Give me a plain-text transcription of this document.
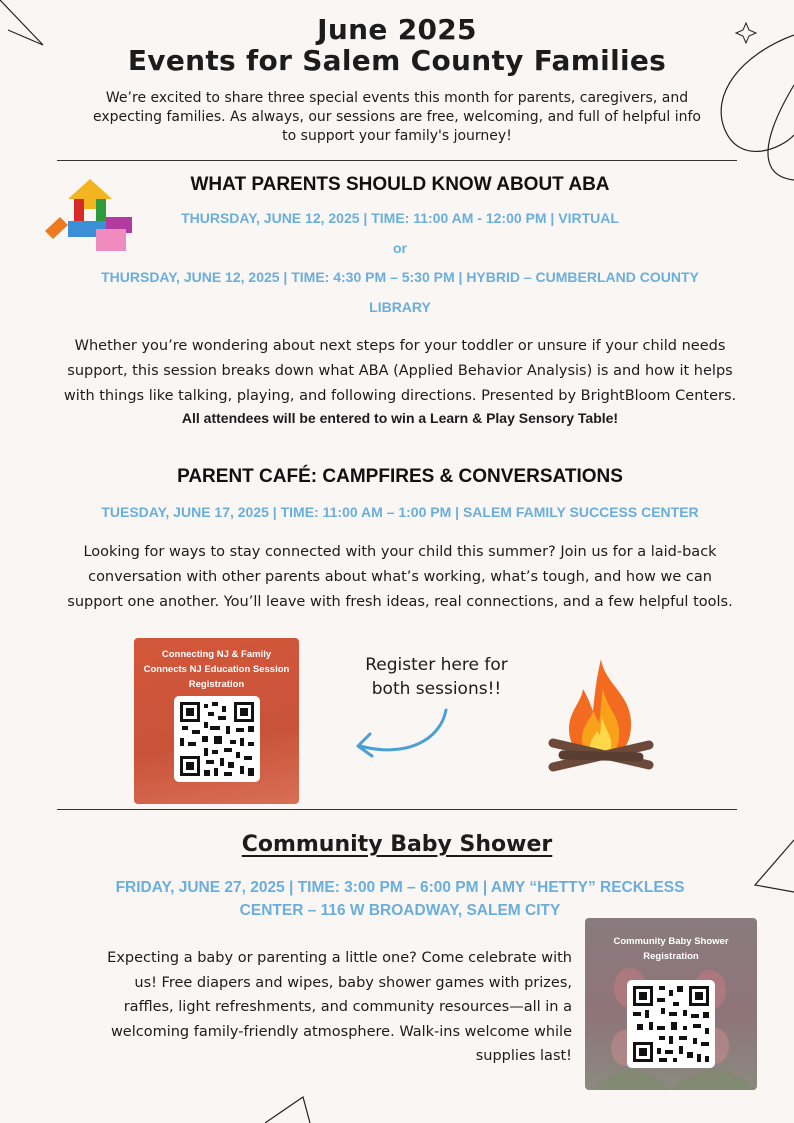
June 2025
Events for Salem County Families
We’re excited to share three special events this month for parents, caregivers, and expecting families. As always, our sessions are free, welcoming, and full of helpful info to support your family's journey!
WHAT PARENTS SHOULD KNOW ABOUT ABA
THURSDAY, JUNE 12, 2025 | TIME: 11:00 AM - 12:00 PM | VIRTUAL
or
THURSDAY, JUNE 12, 2025 | TIME: 4:30 PM – 5:30 PM | HYBRID – CUMBERLAND COUNTY
LIBRARY
Whether you’re wondering about next steps for your toddler or unsure if your child needs
support, this session breaks down what ABA (Applied Behavior Analysis) is and how it helps
with things like talking, playing, and following directions. Presented by BrightBloom Centers.
All attendees will be entered to win a Learn & Play Sensory Table!
PARENT CAFÉ: CAMPFIRES & CONVERSATIONS
TUESDAY, JUNE 17, 2025 | TIME: 11:00 AM – 1:00 PM | SALEM FAMILY SUCCESS CENTER
Looking for ways to stay connected with your child this summer? Join us for a laid-back
conversation with other parents about what’s working, what’s tough, and how we can
support one another. You’ll leave with fresh ideas, real connections, and a few helpful tools.
Connecting NJ & Family
Connects NJ Education Session
Registration
Register here for
both sessions!!
Community Baby Shower
FRIDAY, JUNE 27, 2025 | TIME: 3:00 PM – 6:00 PM | AMY “HETTY” RECKLESS
CENTER – 116 W BROADWAY, SALEM CITY
Expecting a baby or parenting a little one? Come celebrate with
us! Free diapers and wipes, baby shower games with prizes,
raffles, light refreshments, and community resources—all in a
welcoming family-friendly atmosphere. Walk-ins welcome while
supplies last!
Community Baby Shower
Registration
